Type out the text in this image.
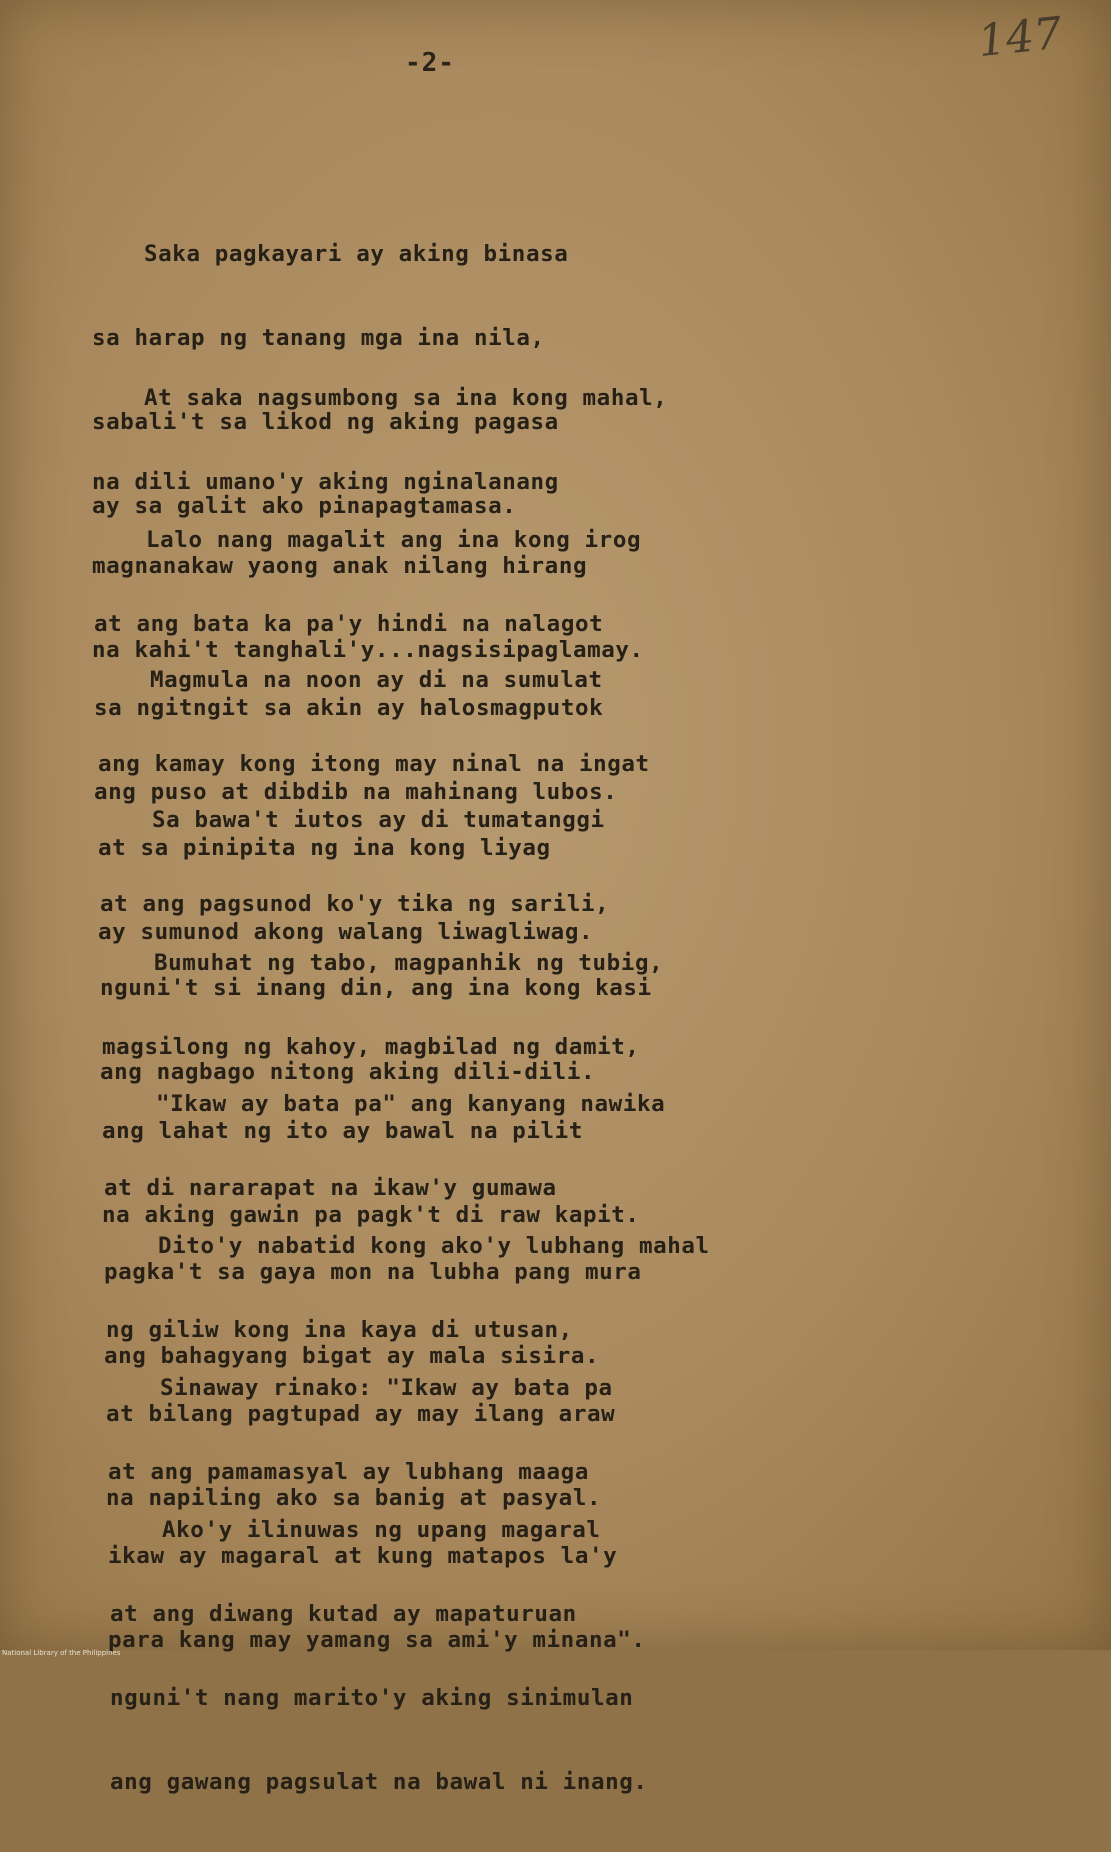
147
-2-

Saka pagkayari ay aking binasa

sa harap ng tanang mga ina nila,

sabali't sa likod ng aking pagasa

ay sa galit ako pinapagtamasa.

At saka nagsumbong sa ina kong mahal,

na dili umano'y aking nginalanang

magnanakaw yaong anak nilang hirang

na kahi't tanghali'y...nagsisipaglamay.

Lalo nang magalit ang ina kong irog

at ang bata ka pa'y hindi na nalagot

sa ngitngit sa akin ay halosmagputok

ang puso at dibdib na mahinang lubos.

Magmula na noon ay di na sumulat

ang kamay kong itong may ninal na ingat

at sa pinipita ng ina kong liyag

ay sumunod akong walang liwagliwag.

Sa bawa't iutos ay di tumatanggi

at ang pagsunod ko'y tika ng sarili,

nguni't si inang din, ang ina kong kasi

ang nagbago nitong aking dili-dili.

Bumuhat ng tabo, magpanhik ng tubig,

magsilong ng kahoy, magbilad ng damit,

ang lahat ng ito ay bawal na pilit

na aking gawin pa pagk't di raw kapit.

"Ikaw ay bata pa" ang kanyang nawika

at di nararapat na ikaw'y gumawa

pagka't sa gaya mon na lubha pang mura

ang bahagyang bigat ay mala sisira.

Dito'y nabatid kong ako'y lubhang mahal

ng giliw kong ina kaya di utusan,

at bilang pagtupad ay may ilang araw

na napiling ako sa banig at pasyal.

Sinaway rinako: "Ikaw ay bata pa

at ang pamamasyal ay lubhang maaga

ikaw ay magaral at kung matapos la'y

para kang may yamang sa ami'y minana".

Ako'y ilinuwas ng upang magaral

at ang diwang kutad ay mapaturuan

nguni't nang marito'y aking sinimulan

ang gawang pagsulat na bawal ni inang.

National Library of the Philippines
